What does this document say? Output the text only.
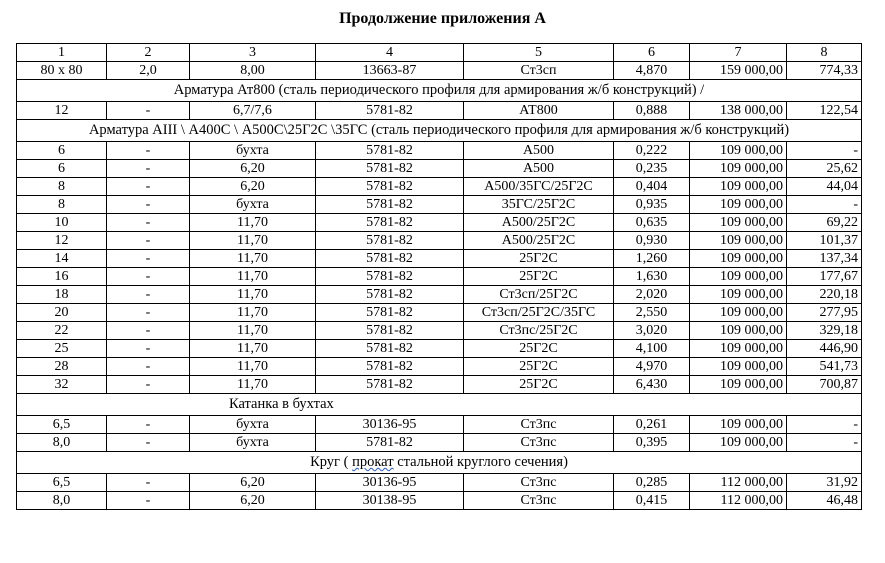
Продолжение приложения А
1	2	3	4	5	6	7	8
80 х 80	2,0	8,00	13663-87	Ст3сп	4,870	159 000,00	774,33
Арматура Ат800 (сталь периодического профиля для армирования ж/б конструкций) /							
12	-	6,7/7,6	5781-82	АТ800	0,888	138 000,00	122,54
Арматура АIII \ А400С \ А500С\25Г2С \35ГС (сталь периодического профиля для армирования ж/б конструкций)							
6	-	бухта	5781-82	А500	0,222	109 000,00	-
6	-	6,20	5781-82	А500	0,235	109 000,00	25,62
8	-	6,20	5781-82	А500/35ГС/25Г2С	0,404	109 000,00	44,04
8	-	бухта	5781-82	35ГС/25Г2С	0,935	109 000,00	-
10	-	11,70	5781-82	А500/25Г2С	0,635	109 000,00	69,22
12	-	11,70	5781-82	А500/25Г2С	0,930	109 000,00	101,37
14	-	11,70	5781-82	25Г2С	1,260	109 000,00	137,34
16	-	11,70	5781-82	25Г2С	1,630	109 000,00	177,67
18	-	11,70	5781-82	Ст3сп/25Г2С	2,020	109 000,00	220,18
20	-	11,70	5781-82	Ст3сп/25Г2С/35ГС	2,550	109 000,00	277,95
22	-	11,70	5781-82	Ст3пс/25Г2С	3,020	109 000,00	329,18
25	-	11,70	5781-82	25Г2С	4,100	109 000,00	446,90
28	-	11,70	5781-82	25Г2С	4,970	109 000,00	541,73
32	-	11,70	5781-82	25Г2С	6,430	109 000,00	700,87
Катанка в бухтах							
6,5	-	бухта	30136-95	Ст3пс	0,261	109 000,00	-
8,0	-	бухта	5781-82	Ст3пс	0,395	109 000,00	-
Круг ( прокат стальной круглого сечения)							
6,5	-	6,20	30136-95	Ст3пс	0,285	112 000,00	31,92
8,0	-	6,20	30138-95	Ст3пс	0,415	112 000,00	46,48
